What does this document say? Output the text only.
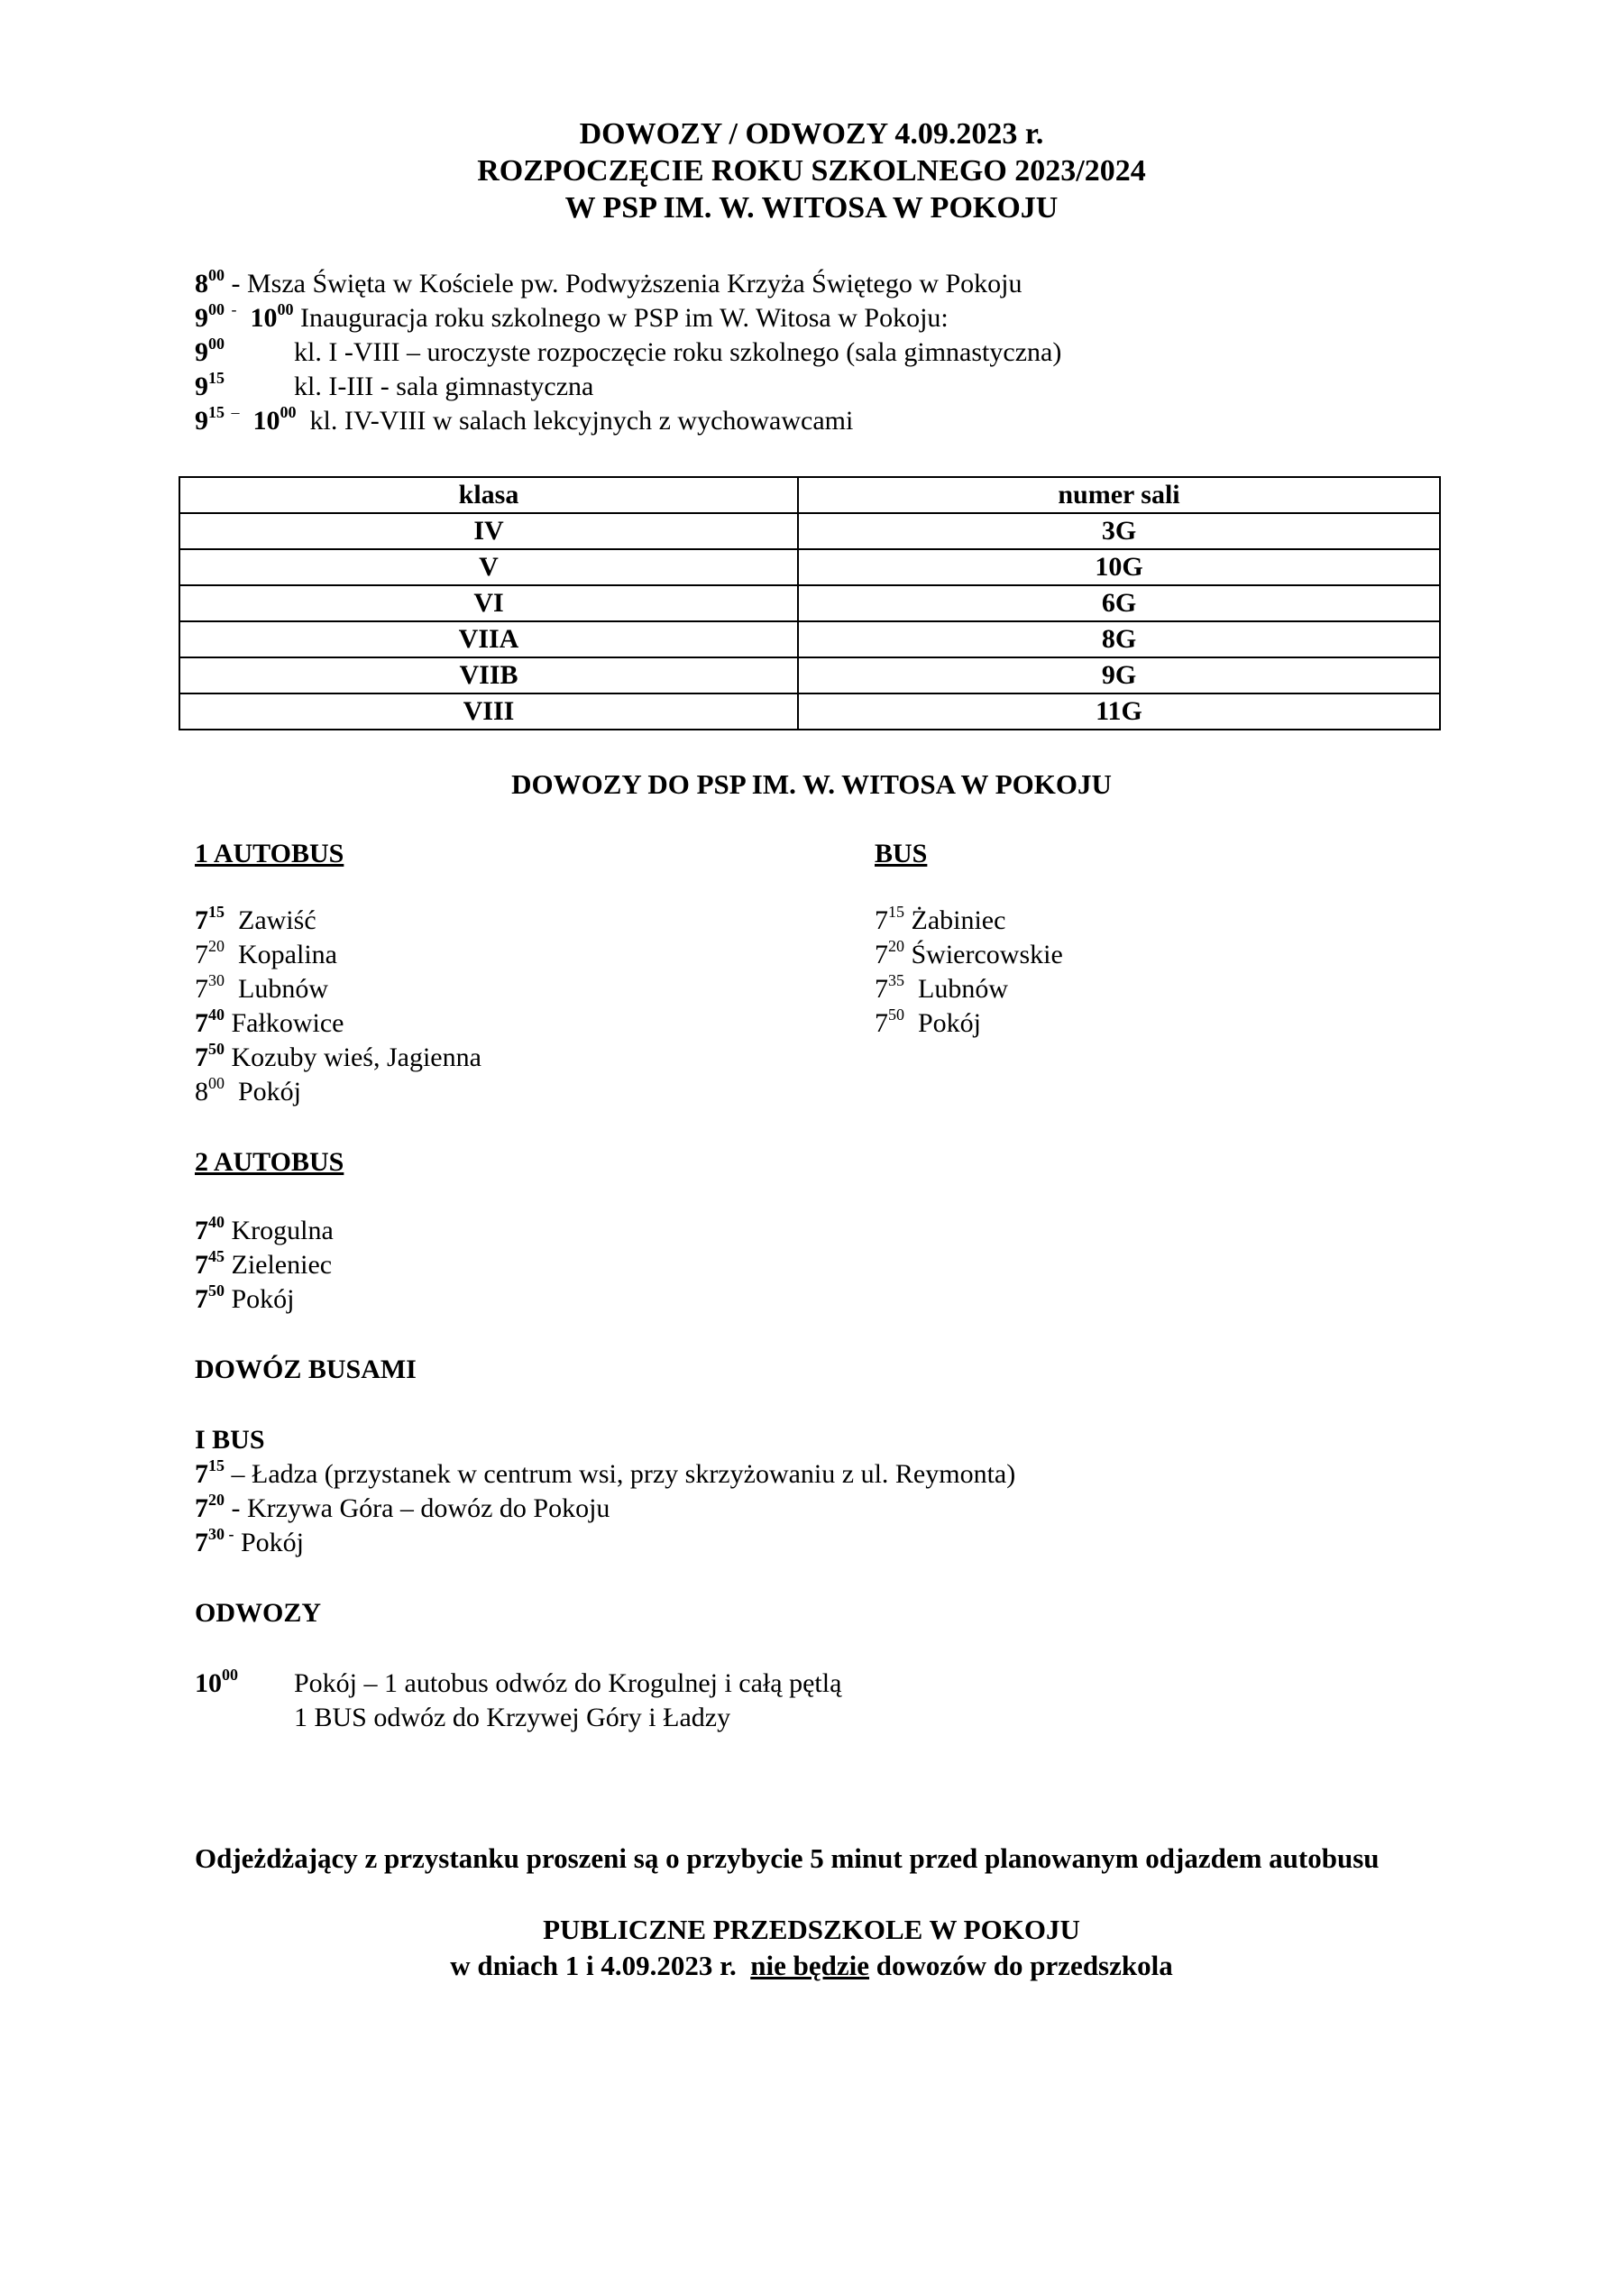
DOWOZY / ODWOZY 4.09.2023 r.
ROZPOCZĘCIE ROKU SZKOLNEGO 2023/2024
W PSP IM. W. WITOSA W POKOJU
$8^{00}$ - Msza Święta w Kościele pw. Podwyższenia Krzyża Świętego w Pokoju
$9^{00}$ - $10^{00}$ Inauguracja roku szkolnego w PSP im W. Witosa w Pokoju:
$9^{00}$	kl. I -VIII – uroczyste rozpoczęcie roku szkolnego (sala gimnastyczna)
$9^{15}$	kl. I-III - sala gimnastyczna
$9^{15}$ – $10^{00}$ kl. IV-VIII w salach lekcyjnych z wychowawcami
klasa	numer sali
IV	3G
V	10G
VI	6G
VIIA	8G
VIIB	9G
VIII	11G
DOWOZY DO PSP IM. W. WITOSA W POKOJU
1 AUTOBUS
$7^{15}$ Zawiść
$7^{20}$ Kopalina
$7^{30}$ Lubnów
$7^{40}$ Fałkowice
$7^{50}$ Kozuby wieś, Jagienna
$8^{00}$ Pokój
BUS
$7^{15}$ Żabiniec
$7^{20}$ Świercowskie
$7^{35}$ Lubnów
$7^{50}$ Pokój
2 AUTOBUS
$7^{40}$ Krogulna
$7^{45}$ Zieleniec
$7^{50}$ Pokój
DOWÓZ BUSAMI
I BUS
$7^{15}$ – Ładza (przystanek w centrum wsi, przy skrzyżowaniu z ul. Reymonta)
$7^{20}$ - Krzywa Góra – dowóz do Pokoju
$7^{30 -}$ Pokój
ODWOZY
$10^{00}$ Pokój – 1 autobus odwóz do Krogulnej i całą pętlą
1 BUS odwóz do Krzywej Góry i Ładzy
Odjeżdżający z przystanku proszeni są o przybycie 5 minut przed planowanym odjazdem autobusu
PUBLICZNE PRZEDSZKOLE W POKOJU
w dniach 1 i 4.09.2023 r. nie będzie dowozów do przedszkola
